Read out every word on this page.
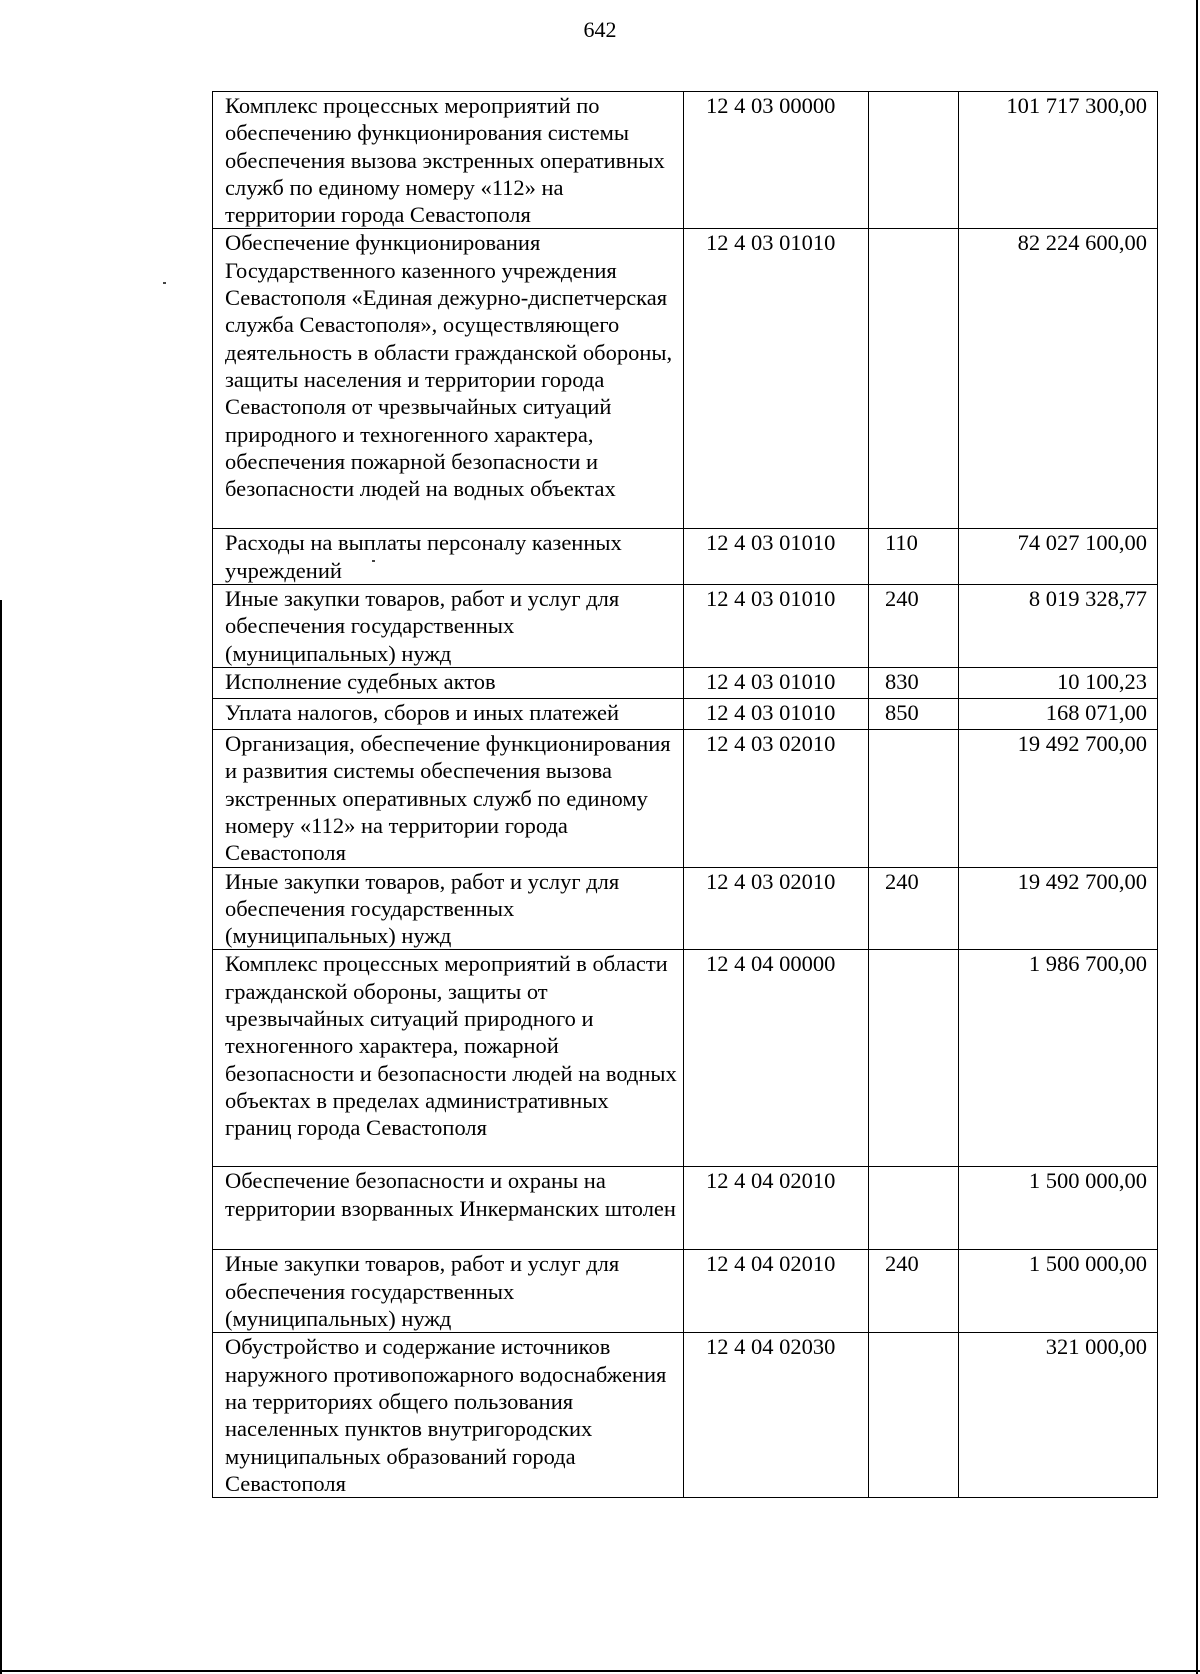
642
Комплекс процессных мероприятий по обеспечению функционирования системы обеспечения вызова экстренных оперативных служб по единому номеру «112» на территории города Севастополя	12 4 03 00000		101 717 300,00
Обеспечение функционирования Государственного казенного учреждения Севастополя «Единая дежурно-диспетчерская служба Севастополя», осуществляющего деятельность в области гражданской обороны, защиты населения и территории города Севастополя от чрезвычайных ситуаций природного и техногенного характера, обеспечения пожарной безопасности и безопасности людей на водных объектах	12 4 03 01010		82 224 600,00
Расходы на выплаты персоналу казенных учреждений	12 4 03 01010	110	74 027 100,00
Иные закупки товаров, работ и услуг для обеспечения государственных (муниципальных) нужд	12 4 03 01010	240	8 019 328,77
Исполнение судебных актов	12 4 03 01010	830	10 100,23
Уплата налогов, сборов и иных платежей	12 4 03 01010	850	168 071,00
Организация, обеспечение функционирования и развития системы обеспечения вызова экстренных оперативных служб по единому номеру «112» на территории города Севастополя	12 4 03 02010		19 492 700,00
Иные закупки товаров, работ и услуг для обеспечения государственных (муниципальных) нужд	12 4 03 02010	240	19 492 700,00
Комплекс процессных мероприятий в области гражданской обороны, защиты от чрезвычайных ситуаций природного и техногенного характера, пожарной безопасности и безопасности людей на водных объектах в пределах административных границ города Севастополя	12 4 04 00000		1 986 700,00
Обеспечение безопасности и охраны на территории взорванных Инкерманских штолен	12 4 04 02010		1 500 000,00
Иные закупки товаров, работ и услуг для обеспечения государственных (муниципальных) нужд	12 4 04 02010	240	1 500 000,00
Обустройство и содержание источников наружного противопожарного водоснабжения на территориях общего пользования населенных пунктов внутригородских муниципальных образований города Севастополя	12 4 04 02030		321 000,00
